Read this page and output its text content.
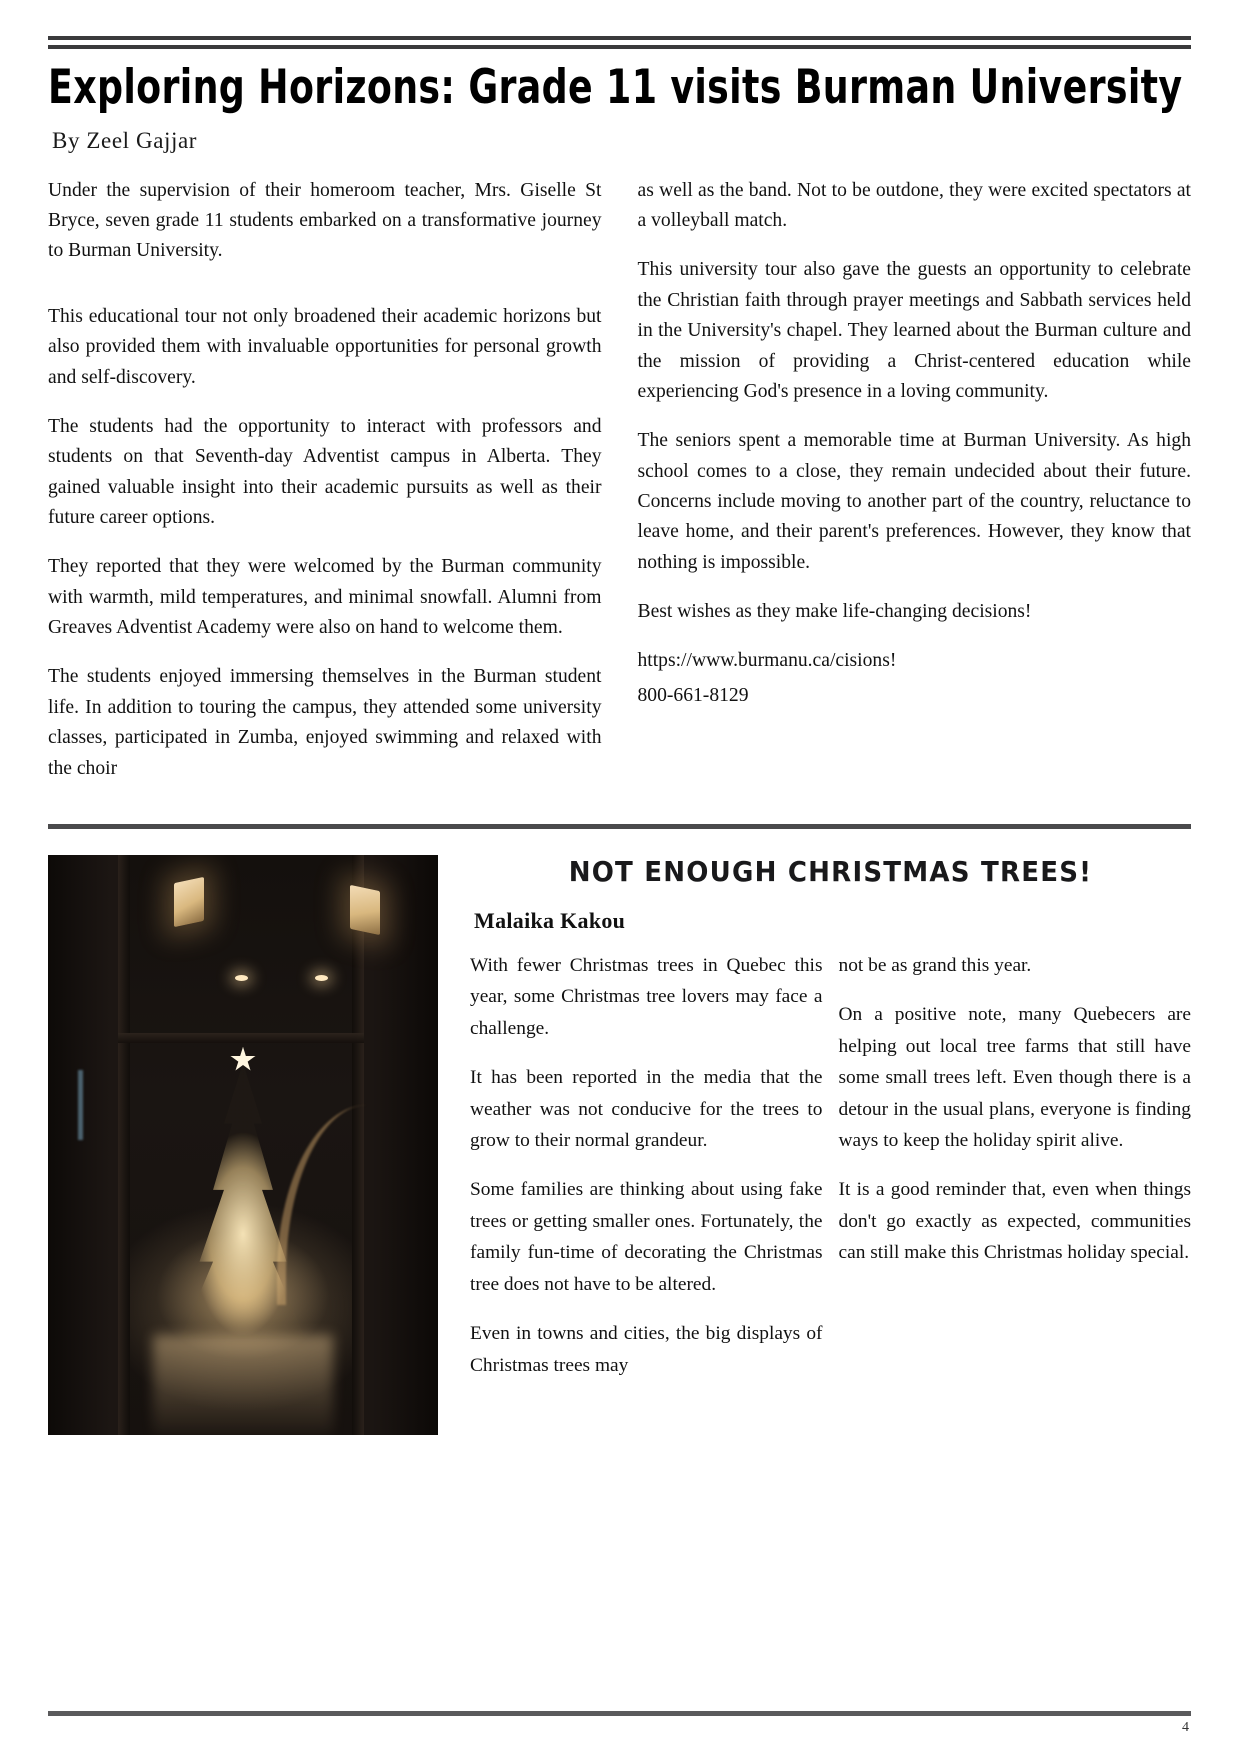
Exploring Horizons: Grade 11 visits Burman University
By Zeel Gajjar

Under the supervision of their homeroom teacher, Mrs. Giselle St Bryce, seven grade 11 students embarked on a transformative journey to Burman University.

This educational tour not only broadened their academic horizons but also provided them with invaluable opportunities for personal growth and self-discovery.

The students had the opportunity to interact with professors and students on that Seventh-day Adventist campus in Alberta. They gained valuable insight into their academic pursuits as well as their future career options.

They reported that they were welcomed by the Burman community with warmth, mild temperatures, and minimal snowfall. Alumni from Greaves Adventist Academy were also on hand to welcome them.

The students enjoyed immersing themselves in the Burman student life. In addition to touring the campus, they attended some university classes, participated in Zumba, enjoyed swimming and relaxed with the choir

as well as the band. Not to be outdone, they were excited spectators at a volleyball match.

This university tour also gave the guests an opportunity to celebrate the Christian faith through prayer meetings and Sabbath services held in the University's chapel. They learned about the Burman culture and the mission of providing a Christ-centered education while experiencing God's presence in a loving community.

The seniors spent a memorable time at Burman University. As high school comes to a close, they remain undecided about their future. Concerns include moving to another part of the country, reluctance to leave home, and their parent's preferences. However, they know that nothing is impossible.

Best wishes as they make life-changing decisions!

https://www.burmanu.ca/cisions!
800-661-8129
NOT ENOUGH CHRISTMAS TREES!
Malaika Kakou

With fewer Christmas trees in Quebec this year, some Christmas tree lovers may face a challenge.

It has been reported in the media that the weather was not conducive for the trees to grow to their normal grandeur.

Some families are thinking about using fake trees or getting smaller ones. Fortunately, the family fun-time of decorating the Christmas tree does not have to be altered.

Even in towns and cities, the big displays of Christmas trees may

not be as grand this year.

On a positive note, many Quebecers are helping out local tree farms that still have some small trees left. Even though there is a detour in the usual plans, everyone is finding ways to keep the holiday spirit alive.

It is a good reminder that, even when things don't go exactly as expected, communities can still make this Christmas holiday special.

4
